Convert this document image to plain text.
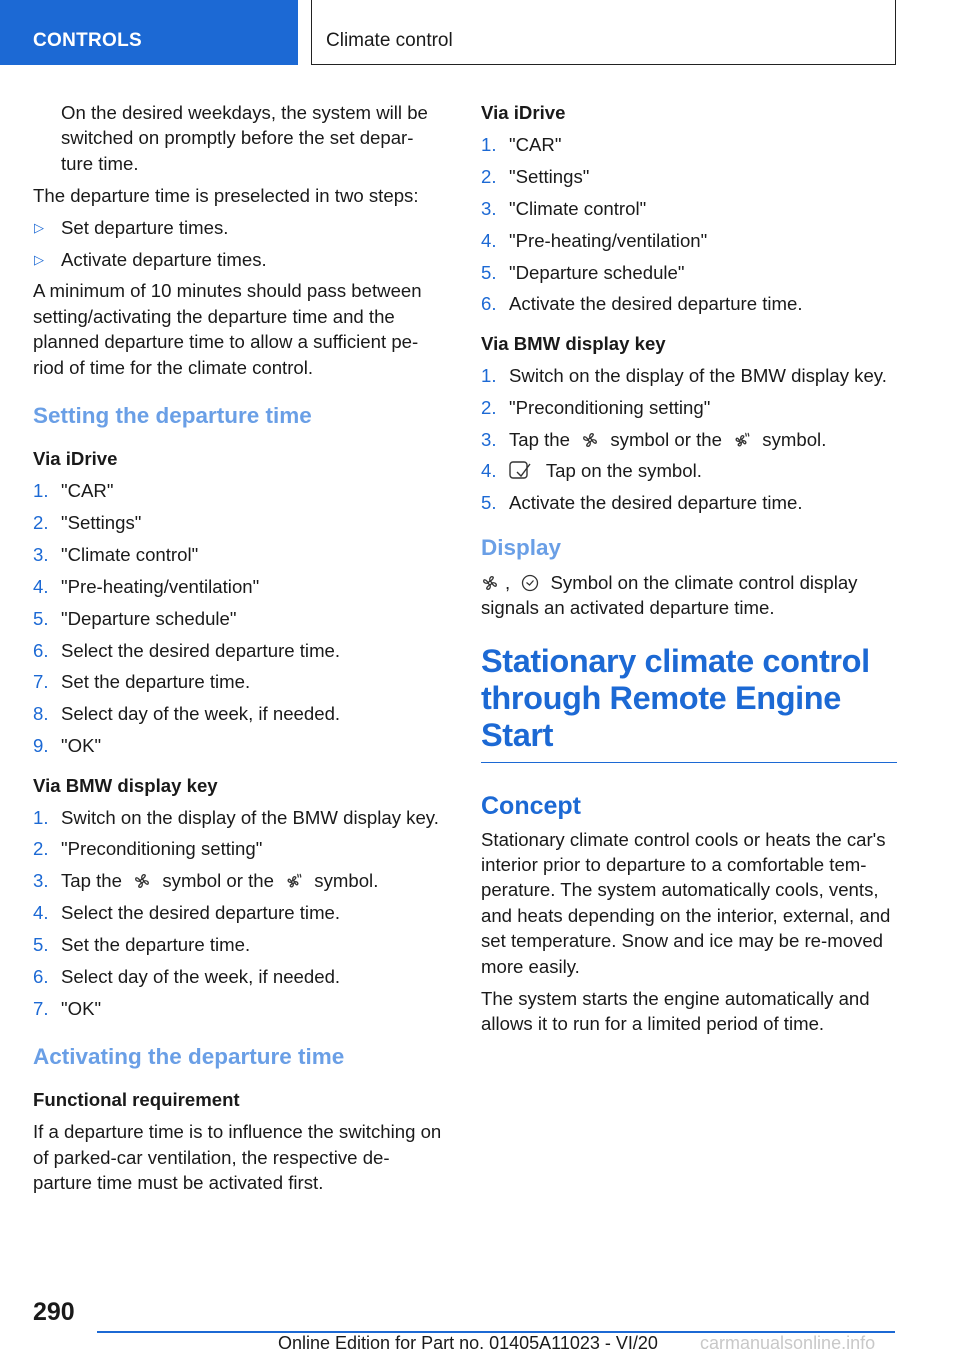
CONTROLS	Climate control

On the desired weekdays, the system will be switched on promptly before the set depar-ture time.

The departure time is preselected in two steps:

▷ Set departure times.
▷ Activate departure times.

A minimum of 10 minutes should pass between setting/activating the departure time and the planned departure time to allow a sufficient pe-riod of time for the climate control.

Setting the departure time
Via iDrive
1. "CAR"
2. "Settings"
3. "Climate control"
4. "Pre-heating/ventilation"
5. "Departure schedule"
6. Select the desired departure time.
7. Set the departure time.
8. Select day of the week, if needed.
9. "OK"
Via BMW display key
1. Switch on the display of the BMW display key.
2. "Preconditioning setting"
3. Tap the symbol or the symbol.
4. Select the desired departure time.
5. Set the departure time.
6. Select day of the week, if needed.
7. "OK"
Activating the departure time
Functional requirement

If a departure time is to influence the switching on of parked-car ventilation, the respective de-parture time must be activated first.

Via iDrive
1. "CAR"
2. "Settings"
3. "Climate control"
4. "Pre-heating/ventilation"
5. "Departure schedule"
6. Activate the desired departure time.
Via BMW display key
1. Switch on the display of the BMW display key.
2. "Preconditioning setting"
3. Tap the symbol or the symbol.
4.	Tap on the symbol.
5. Activate the desired departure time.
Display

, Symbol on the climate control display signals an activated departure time.

Stationary climate control through Remote Engine Start
Concept

Stationary climate control cools or heats the car's interior prior to departure to a comfortable tem-perature. The system automatically cools, vents, and heats depending on the interior, external, and set temperature. Snow and ice may be re-moved more easily.

The system starts the engine automatically and allows it to run for a limited period of time.

290
Online Edition for Part no. 01405A11023 - VI/20 carmanualsonline.info
